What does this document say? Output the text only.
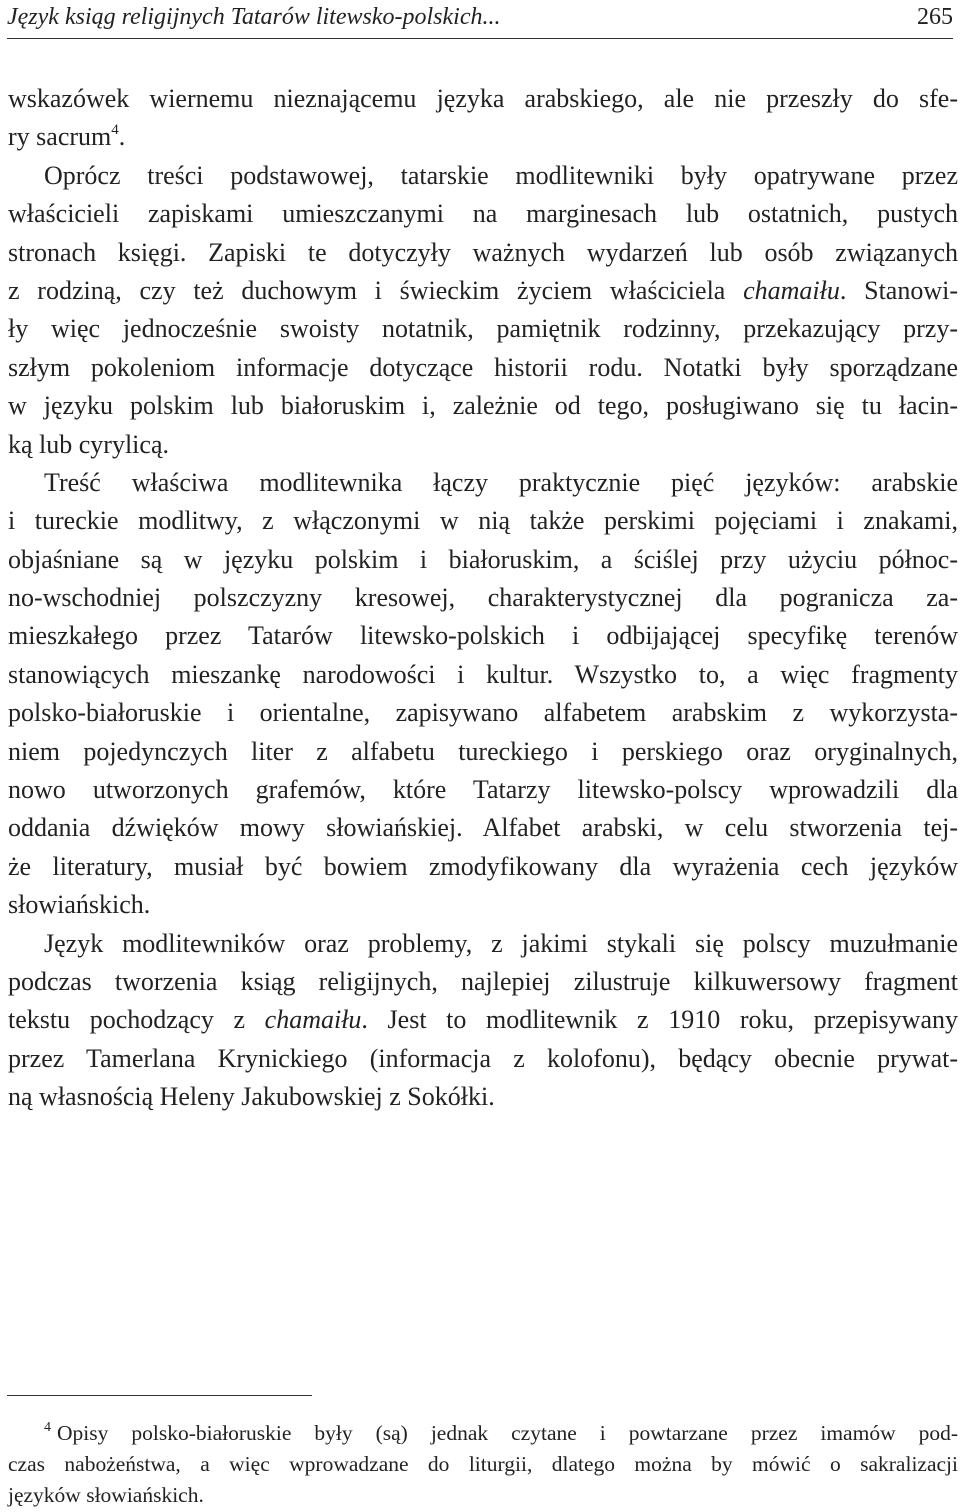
Język ksiąg religijnych Tatarów litewsko-polskich...	265
wskazówek wiernemu nieznającemu języka arabskiego, ale nie przeszły do sfe-
ry sacrum$^4$.
Oprócz treści podstawowej, tatarskie modlitewniki były opatrywane przez
właścicieli zapiskami umieszczanymi na marginesach lub ostatnich, pustych
stronach księgi. Zapiski te dotyczyły ważnych wydarzeń lub osób związanych
z rodziną, czy też duchowym i świeckim życiem właściciela chamaiłu. Stanowi-
ły więc jednocześnie swoisty notatnik, pamiętnik rodzinny, przekazujący przy-
szłym pokoleniom informacje dotyczące historii rodu. Notatki były sporządzane
w języku polskim lub białoruskim i, zależnie od tego, posługiwano się tu łacin-
ką lub cyrylicą.
Treść właściwa modlitewnika łączy praktycznie pięć języków: arabskie
i tureckie modlitwy, z włączonymi w nią także perskimi pojęciami i znakami,
objaśniane są w języku polskim i białoruskim, a ściślej przy użyciu północ-
no-wschodniej polszczyzny kresowej, charakterystycznej dla pogranicza za-
mieszkałego przez Tatarów litewsko-polskich i odbijającej specyfikę terenów
stanowiących mieszankę narodowości i kultur. Wszystko to, a więc fragmenty
polsko-białoruskie i orientalne, zapisywano alfabetem arabskim z wykorzysta-
niem pojedynczych liter z alfabetu tureckiego i perskiego oraz oryginalnych,
nowo utworzonych grafemów, które Tatarzy litewsko-polscy wprowadzili dla
oddania dźwięków mowy słowiańskiej. Alfabet arabski, w celu stworzenia tej-
że literatury, musiał być bowiem zmodyfikowany dla wyrażenia cech języków
słowiańskich.
Język modlitewników oraz problemy, z jakimi stykali się polscy muzułmanie
podczas tworzenia ksiąg religijnych, najlepiej zilustruje kilkuwersowy fragment
tekstu pochodzący z chamaiłu. Jest to modlitewnik z 1910 roku, przepisywany
przez Tamerlana Krynickiego (informacja z kolofonu), będący obecnie prywat-
ną własnością Heleny Jakubowskiej z Sokółki.
$^4$ Opisy polsko-białoruskie były (są) jednak czytane i powtarzane przez imamów pod-
czas nabożeństwa, a więc wprowadzane do liturgii, dlatego można by mówić o sakralizacji
języków słowiańskich.
